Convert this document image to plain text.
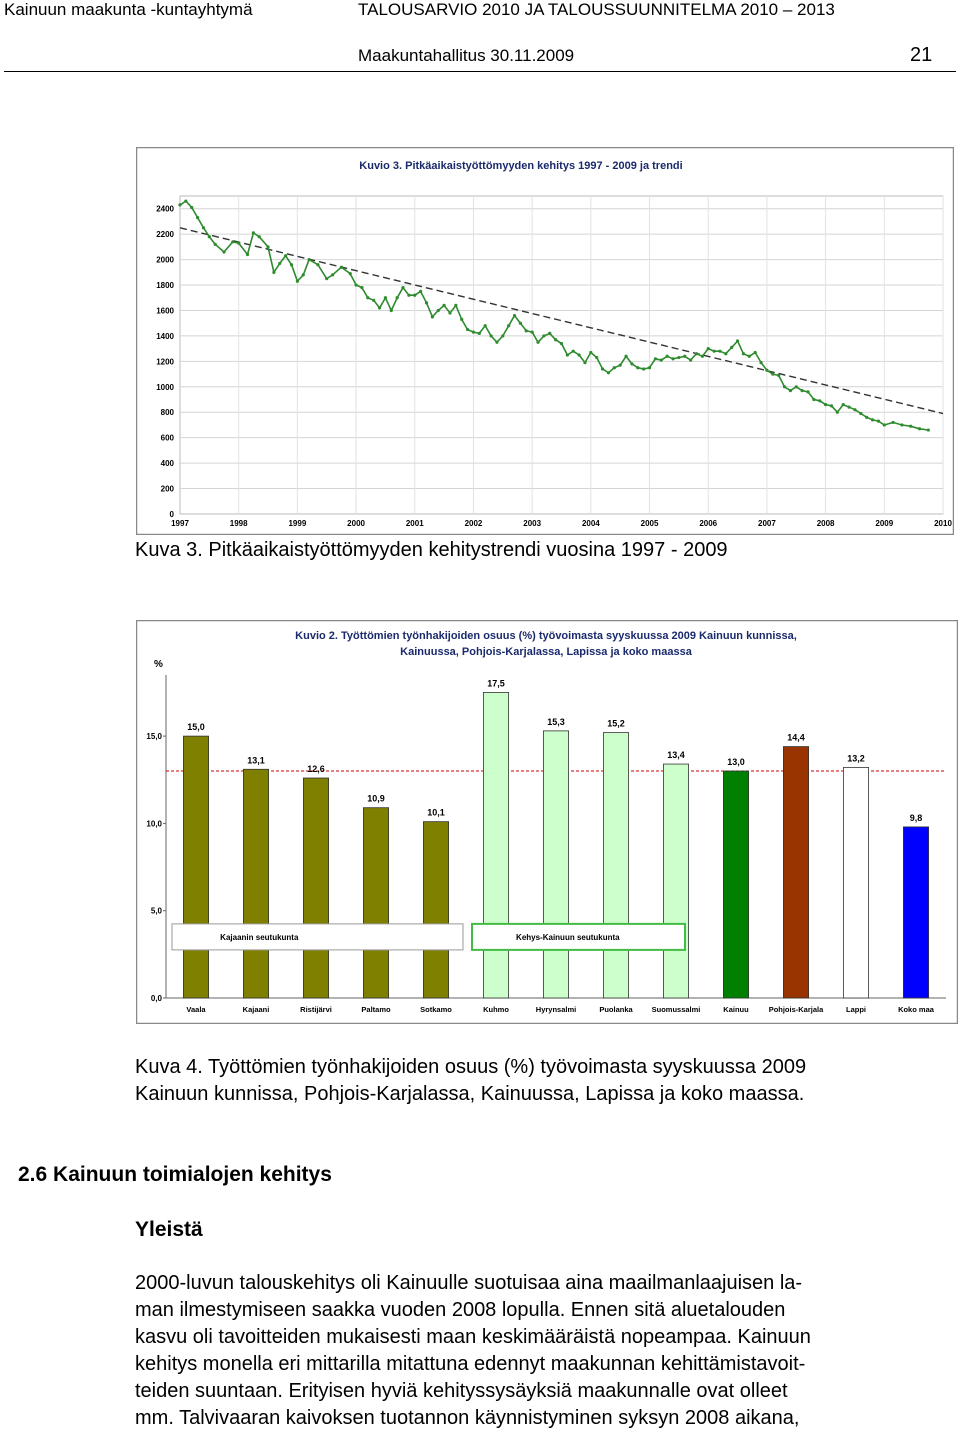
Kainuun maakunta -kuntayhtymä	TALOUSARVIO 2010 JA TALOUSSUUNNITELMA 2010 – 2013
Maakuntahallitus 30.11.2009	21
Kuvio 3. Pitkäaikaistyöttömyyden kehitys 1997 - 2009 ja trendi
0
200
400
600
800
1000
1200
1400
1600
1800
2000
2200
2400
1997	1998	1999	2000	2001	2002	2003	2004	2005	2006	2007	2008	2009	2010
Kuva 3. Pitkäaikaistyöttömyyden kehitystrendi vuosina 1997 - 2009
Kuvio 2. Työttömien työnhakijoiden osuus (%) työvoimasta syyskuussa 2009 Kainuun kunnissa,
Kainuussa, Pohjois-Karjalassa, Lapissa ja koko maassa
%
0,0
5,0
10,0
15,0
15,0
Vaala
13,1
Kajaani
12,6
Ristijärvi
10,9
Paltamo
10,1
Sotkamo
17,5
Kuhmo
15,3
Hyrynsalmi
15,2
Puolanka
13,4
Suomussalmi
13,0
Kainuu
14,4
Pohjois-Karjala
13,2
Lappi
9,8
Koko maa
Kajaanin seutukunta	Kehys-Kainuun seutukunta
Kuva 4. Työttömien työnhakijoiden osuus (%) työvoimasta syyskuussa 2009
Kainuun kunnissa, Pohjois-Karjalassa, Kainuussa, Lapissa ja koko maassa.
2.6 Kainuun toimialojen kehitys
Yleistä
2000-luvun talouskehitys oli Kainuulle suotuisaa aina maailmanlaajuisen la-
man ilmestymiseen saakka vuoden 2008 lopulla. Ennen sitä aluetalouden
kasvu oli tavoitteiden mukaisesti maan keskimääräistä nopeampaa. Kainuun
kehitys monella eri mittarilla mitattuna edennyt maakunnan kehittämistavoit-
teiden suuntaan. Erityisen hyviä kehityssysäyksiä maakunnalle ovat olleet
mm. Talvivaaran kaivoksen tuotannon käynnistyminen syksyn 2008 aikana,
